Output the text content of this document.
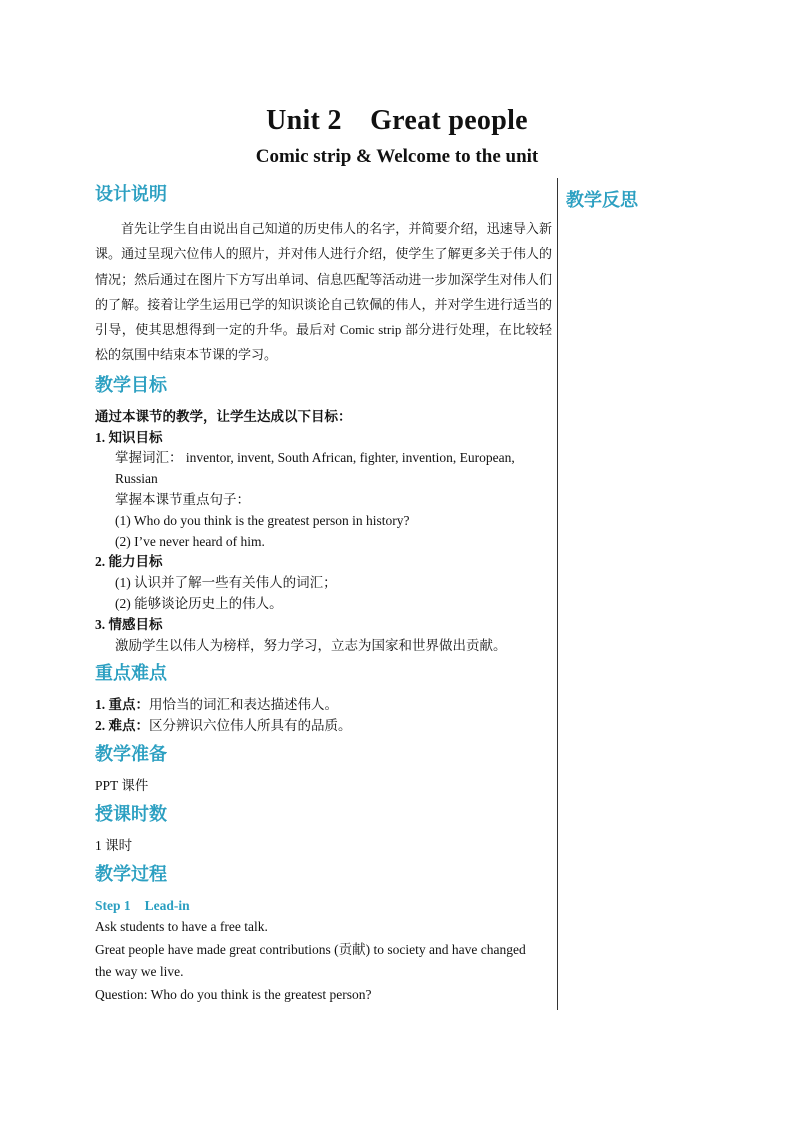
Unit 2　Great people
Comic strip & Welcome to the unit
教学反思

设计说明

首先让学生自由说出自己知道的历史伟人的名字，并简要介绍，迅速导入新课。通过呈现六位伟人的照片，并对伟人进行介绍，使学生了解更多关于伟人的情况；然后通过在图片下方写出单词、信息匹配等活动进一步加深学生对伟人们的了解。接着让学生运用已学的知识谈论自己钦佩的伟人，并对学生进行适当的引导，使其思想得到一定的升华。最后对 Comic strip 部分进行处理，在比较轻松的氛围中结束本节课的学习。

教学目标

通过本课节的教学，让学生达成以下目标：

1. 知识目标

掌握词汇： inventor, invent, South African, fighter, invention, European,

Russian

掌握本课节重点句子：

(1) Who do you think is the greatest person in history?

(2) I’ve never heard of him.

2. 能力目标

(1) 认识并了解一些有关伟人的词汇；

(2) 能够谈论历史上的伟人。

3. 情感目标

激励学生以伟人为榜样，努力学习，立志为国家和世界做出贡献。

重点难点

1. 重点：用恰当的词汇和表达描述伟人。

2. 难点：区分辨识六位伟人所具有的品质。

教学准备

PPT 课件

授课时数

1 课时

教学过程

Step 1 Lead-in

Ask students to have a free talk.

Great people have made great contributions (贡献) to society and have changed

the way we live.

Question: Who do you think is the greatest person?
